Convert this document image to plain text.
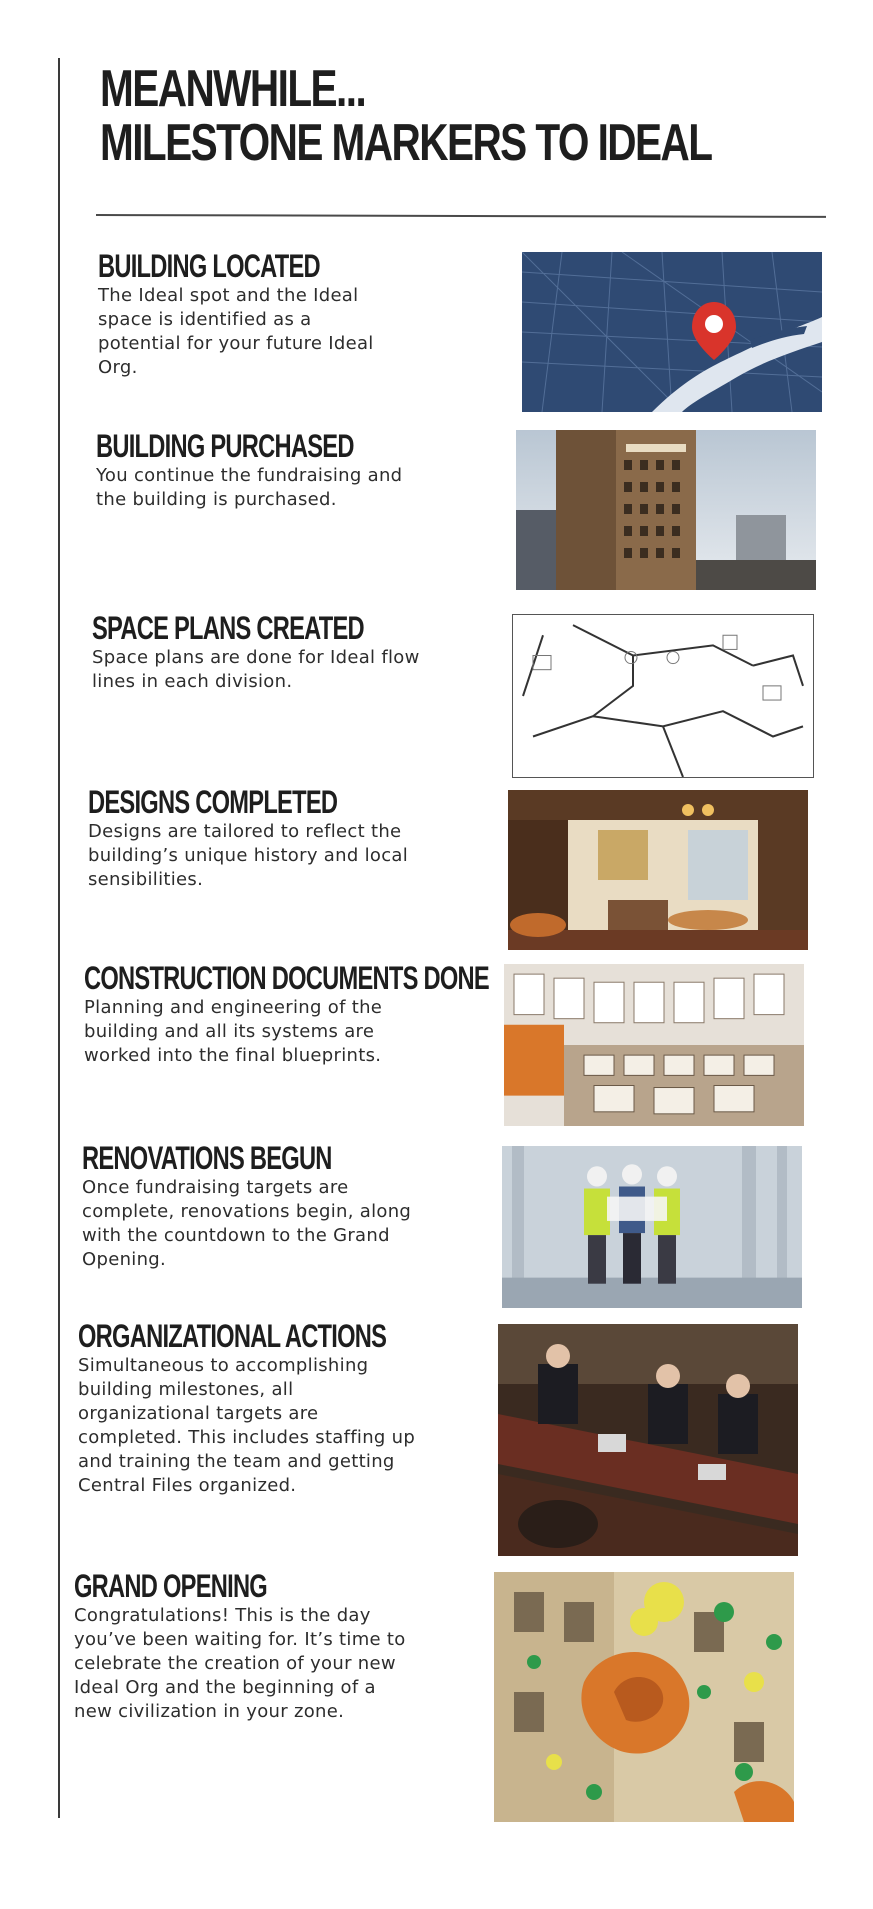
MEANWHILE...
MILESTONE MARKERS TO IDEAL
BUILDING LOCATED

The Ideal spot and the Ideal space is identified as a potential for your future Ideal Org.

BUILDING PURCHASED

You continue the fundraising and the building is purchased.

SPACE PLANS CREATED

Space plans are done for Ideal flow lines in each division.

DESIGNS COMPLETED

Designs are tailored to reflect the building’s unique history and local sensibilities.

CONSTRUCTION DOCUMENTS DONE

Planning and engineering of the building and all its systems are worked into the final blueprints.

RENOVATIONS BEGUN

Once fundraising targets are complete, renovations begin, along with the countdown to the Grand Opening.

ORGANIZATIONAL ACTIONS

Simultaneous to accomplishing building milestones, all organizational targets are completed. This includes staffing up and training the team and getting Central Files organized.

GRAND OPENING

Congratulations! This is the day you’ve been waiting for. It’s time to celebrate the creation of your new Ideal Org and the beginning of a new civilization in your zone.
